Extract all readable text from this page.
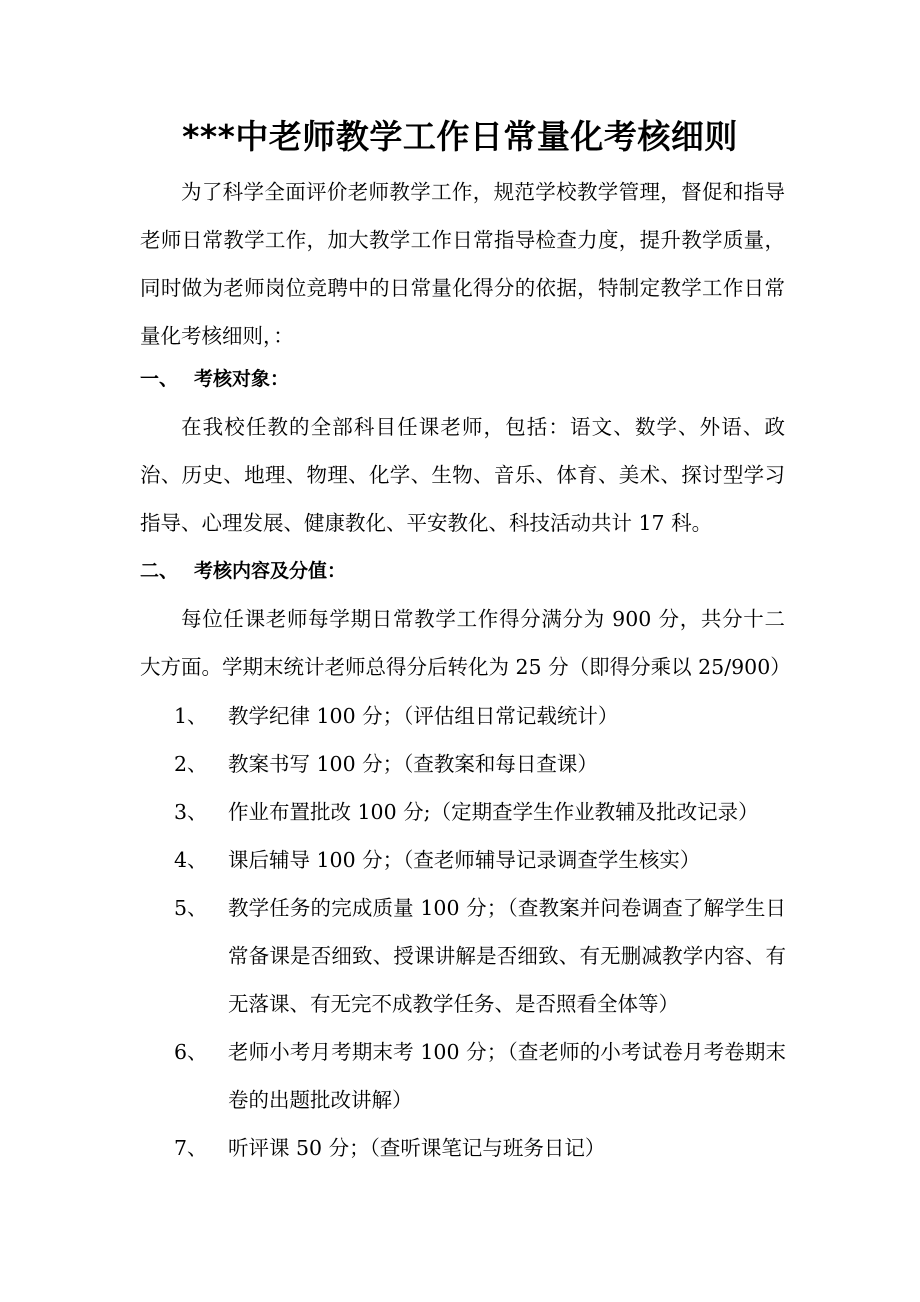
***中老师教学工作日常量化考核细则

为了科学全面评价老师教学工作，规范学校教学管理，督促和指导老师日常教学工作，加大教学工作日常指导检查力度，提升教学质量，同时做为老师岗位竞聘中的日常量化得分的依据，特制定教学工作日常量化考核细则，：

一、 考核对象：

在我校任教的全部科目任课老师，包括：语文、数学、外语、政治、历史、地理、物理、化学、生物、音乐、体育、美术、探讨型学习指导、心理发展、健康教化、平安教化、科技活动共计 17 科。

二、 考核内容及分值：

每位任课老师每学期日常教学工作得分满分为 900 分，共分十二大方面。学期末统计老师总得分后转化为 25 分（即得分乘以 25/900）

1、 教学纪律 100 分；（评估组日常记载统计）
2、 教案书写 100 分；（查教案和每日查课）
3、 作业布置批改 100 分;（定期查学生作业教辅及批改记录）
4、 课后辅导 100 分；（查老师辅导记录调查学生核实）
5、 教学任务的完成质量 100 分；（查教案并问卷调查了解学生日常备课是否细致、授课讲解是否细致、有无删减教学内容、有无落课、有无完不成教学任务、是否照看全体等）
6、 老师小考月考期末考 100 分；（查老师的小考试卷月考卷期末卷的出题批改讲解）
7、 听评课 50 分；（查听课笔记与班务日记）
